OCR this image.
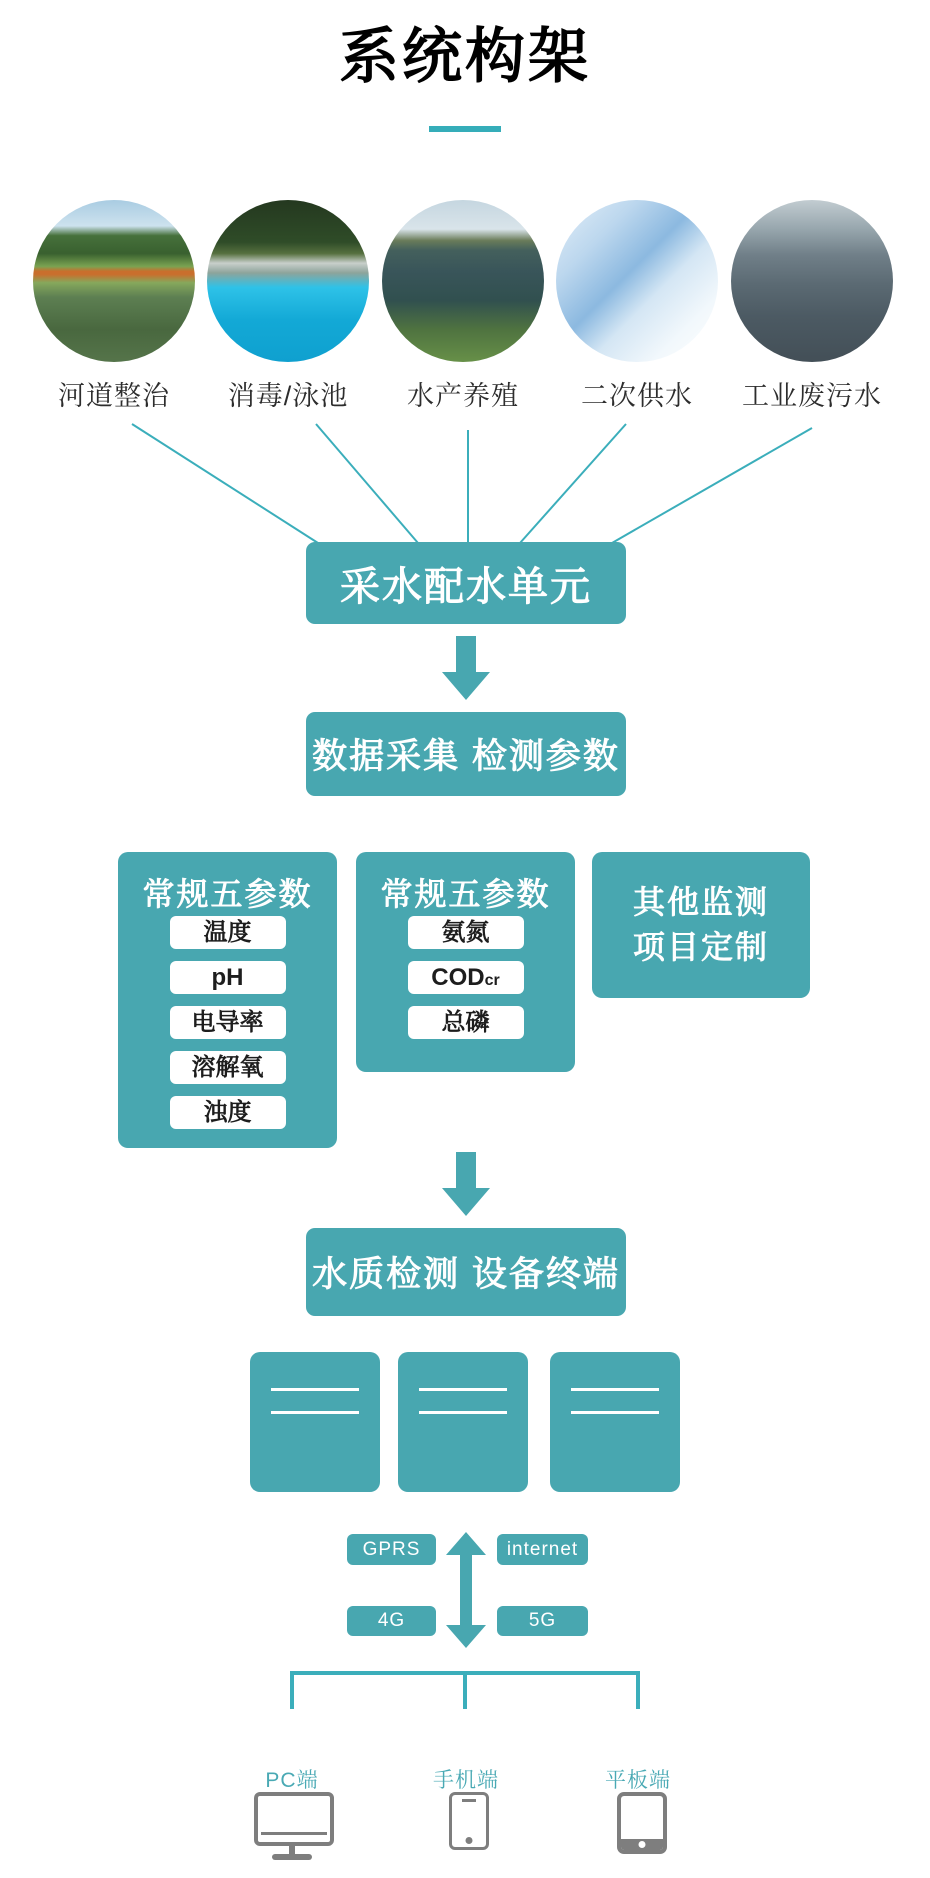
系统构架
河道整治	消毒/泳池	水产养殖	二次供水	工业废污水
采水配水单元
数据采集 检测参数
常规五参数
温度
pH
电导率
溶解氧
浊度
常规五参数
氨氮
CODcr
总磷
其他监测
项目定制
水质检测 设备终端
GPRS	internet
4G	5G
PC端	手机端	平板端
